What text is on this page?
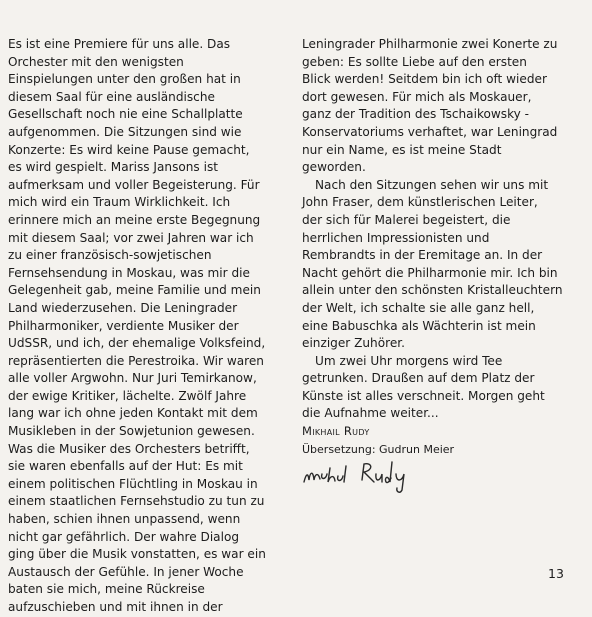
Es ist eine Premiere für uns alle. Das
Orchester mit den wenigsten
Einspielungen unter den großen hat in
diesem Saal für eine ausländische
Gesellschaft noch nie eine Schallplatte
aufgenommen. Die Sitzungen sind wie
Konzerte: Es wird keine Pause gemacht,
es wird gespielt. Mariss Jansons ist
aufmerksam und voller Begeisterung. Für
mich wird ein Traum Wirklichkeit. Ich
erinnere mich an meine erste Begegnung
mit diesem Saal; vor zwei Jahren war ich
zu einer französisch-sowjetischen
Fernsehsendung in Moskau, was mir die
Gelegenheit gab, meine Familie und mein
Land wiederzusehen. Die Leningrader
Philharmoniker, verdiente Musiker der
UdSSR, und ich, der ehemalige Volksfeind,
repräsentierten die Perestroika. Wir waren
alle voller Argwohn. Nur Juri Temirkanow,
der ewige Kritiker, lächelte. Zwölf Jahre
lang war ich ohne jeden Kontakt mit dem
Musikleben in der Sowjetunion gewesen.
Was die Musiker des Orchesters betrifft,
sie waren ebenfalls auf der Hut: Es mit
einem politischen Flüchtling in Moskau in
einem staatlichen Fernsehstudio zu tun zu
haben, schien ihnen unpassend, wenn
nicht gar gefährlich. Der wahre Dialog
ging über die Musik vonstatten, es war ein
Austausch der Gefühle. In jener Woche
baten sie mich, meine Rückreise
aufzuschieben und mit ihnen in der

Leningrader Philharmonie zwei Konerte zu
geben: Es sollte Liebe auf den ersten
Blick werden! Seitdem bin ich oft wieder
dort gewesen. Für mich als Moskauer,
ganz der Tradition des Tschaikowsky -
Konservatoriums verhaftet, war Leningrad
nur ein Name, es ist meine Stadt
geworden.

Nach den Sitzungen sehen wir uns mit
John Fraser, dem künstlerischen Leiter,
der sich für Malerei begeistert, die
herrlichen Impressionisten und
Rembrandts in der Eremitage an. In der
Nacht gehört die Philharmonie mir. Ich bin
allein unter den schönsten Kristalleuchtern
der Welt, ich schalte sie alle ganz hell,
eine Babuschka als Wächterin ist mein
einziger Zuhörer.

Um zwei Uhr morgens wird Tee
getrunken. Draußen auf dem Platz der
Künste ist alles verschneit. Morgen geht
die Aufnahme weiter...

Mikhail Rudy

Übersetzung: Gudrun Meier

13
